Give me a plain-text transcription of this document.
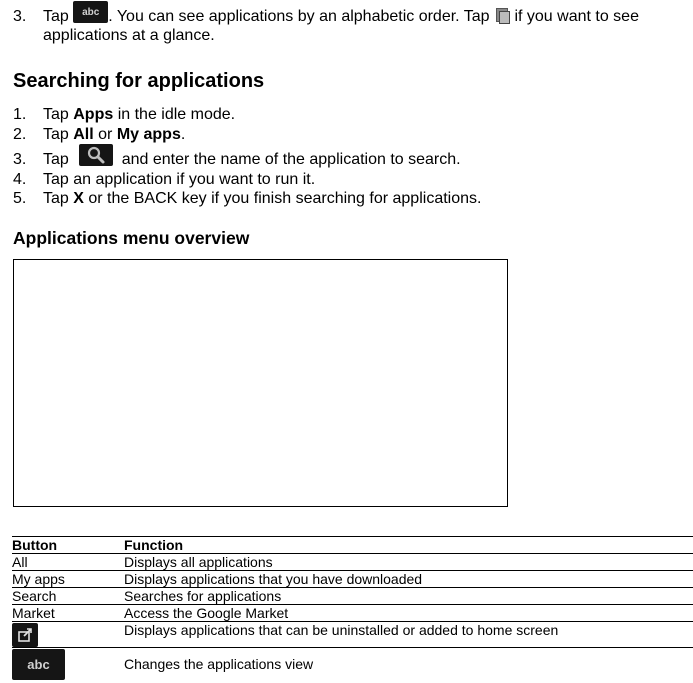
3. Tap abc . You can see applications by an alphabetic order. Tap
if you want to see
applications at a glance.
Searching for applications
1. Tap Apps in the idle mode.
2. Tap All or My apps.
3. Tap	and enter the name of the application to search.
4. Tap an application if you want to run it.
5. Tap X or the BACK key if you finish searching for applications.
Applications menu overview
Button	Function
All	Displays all applications
My apps	Displays applications that you have downloaded
Search	Searches for applications
Market	Access the Google Market

	Displays applications that can be uninstalled or added to home screen

abc	Changes the applications view
